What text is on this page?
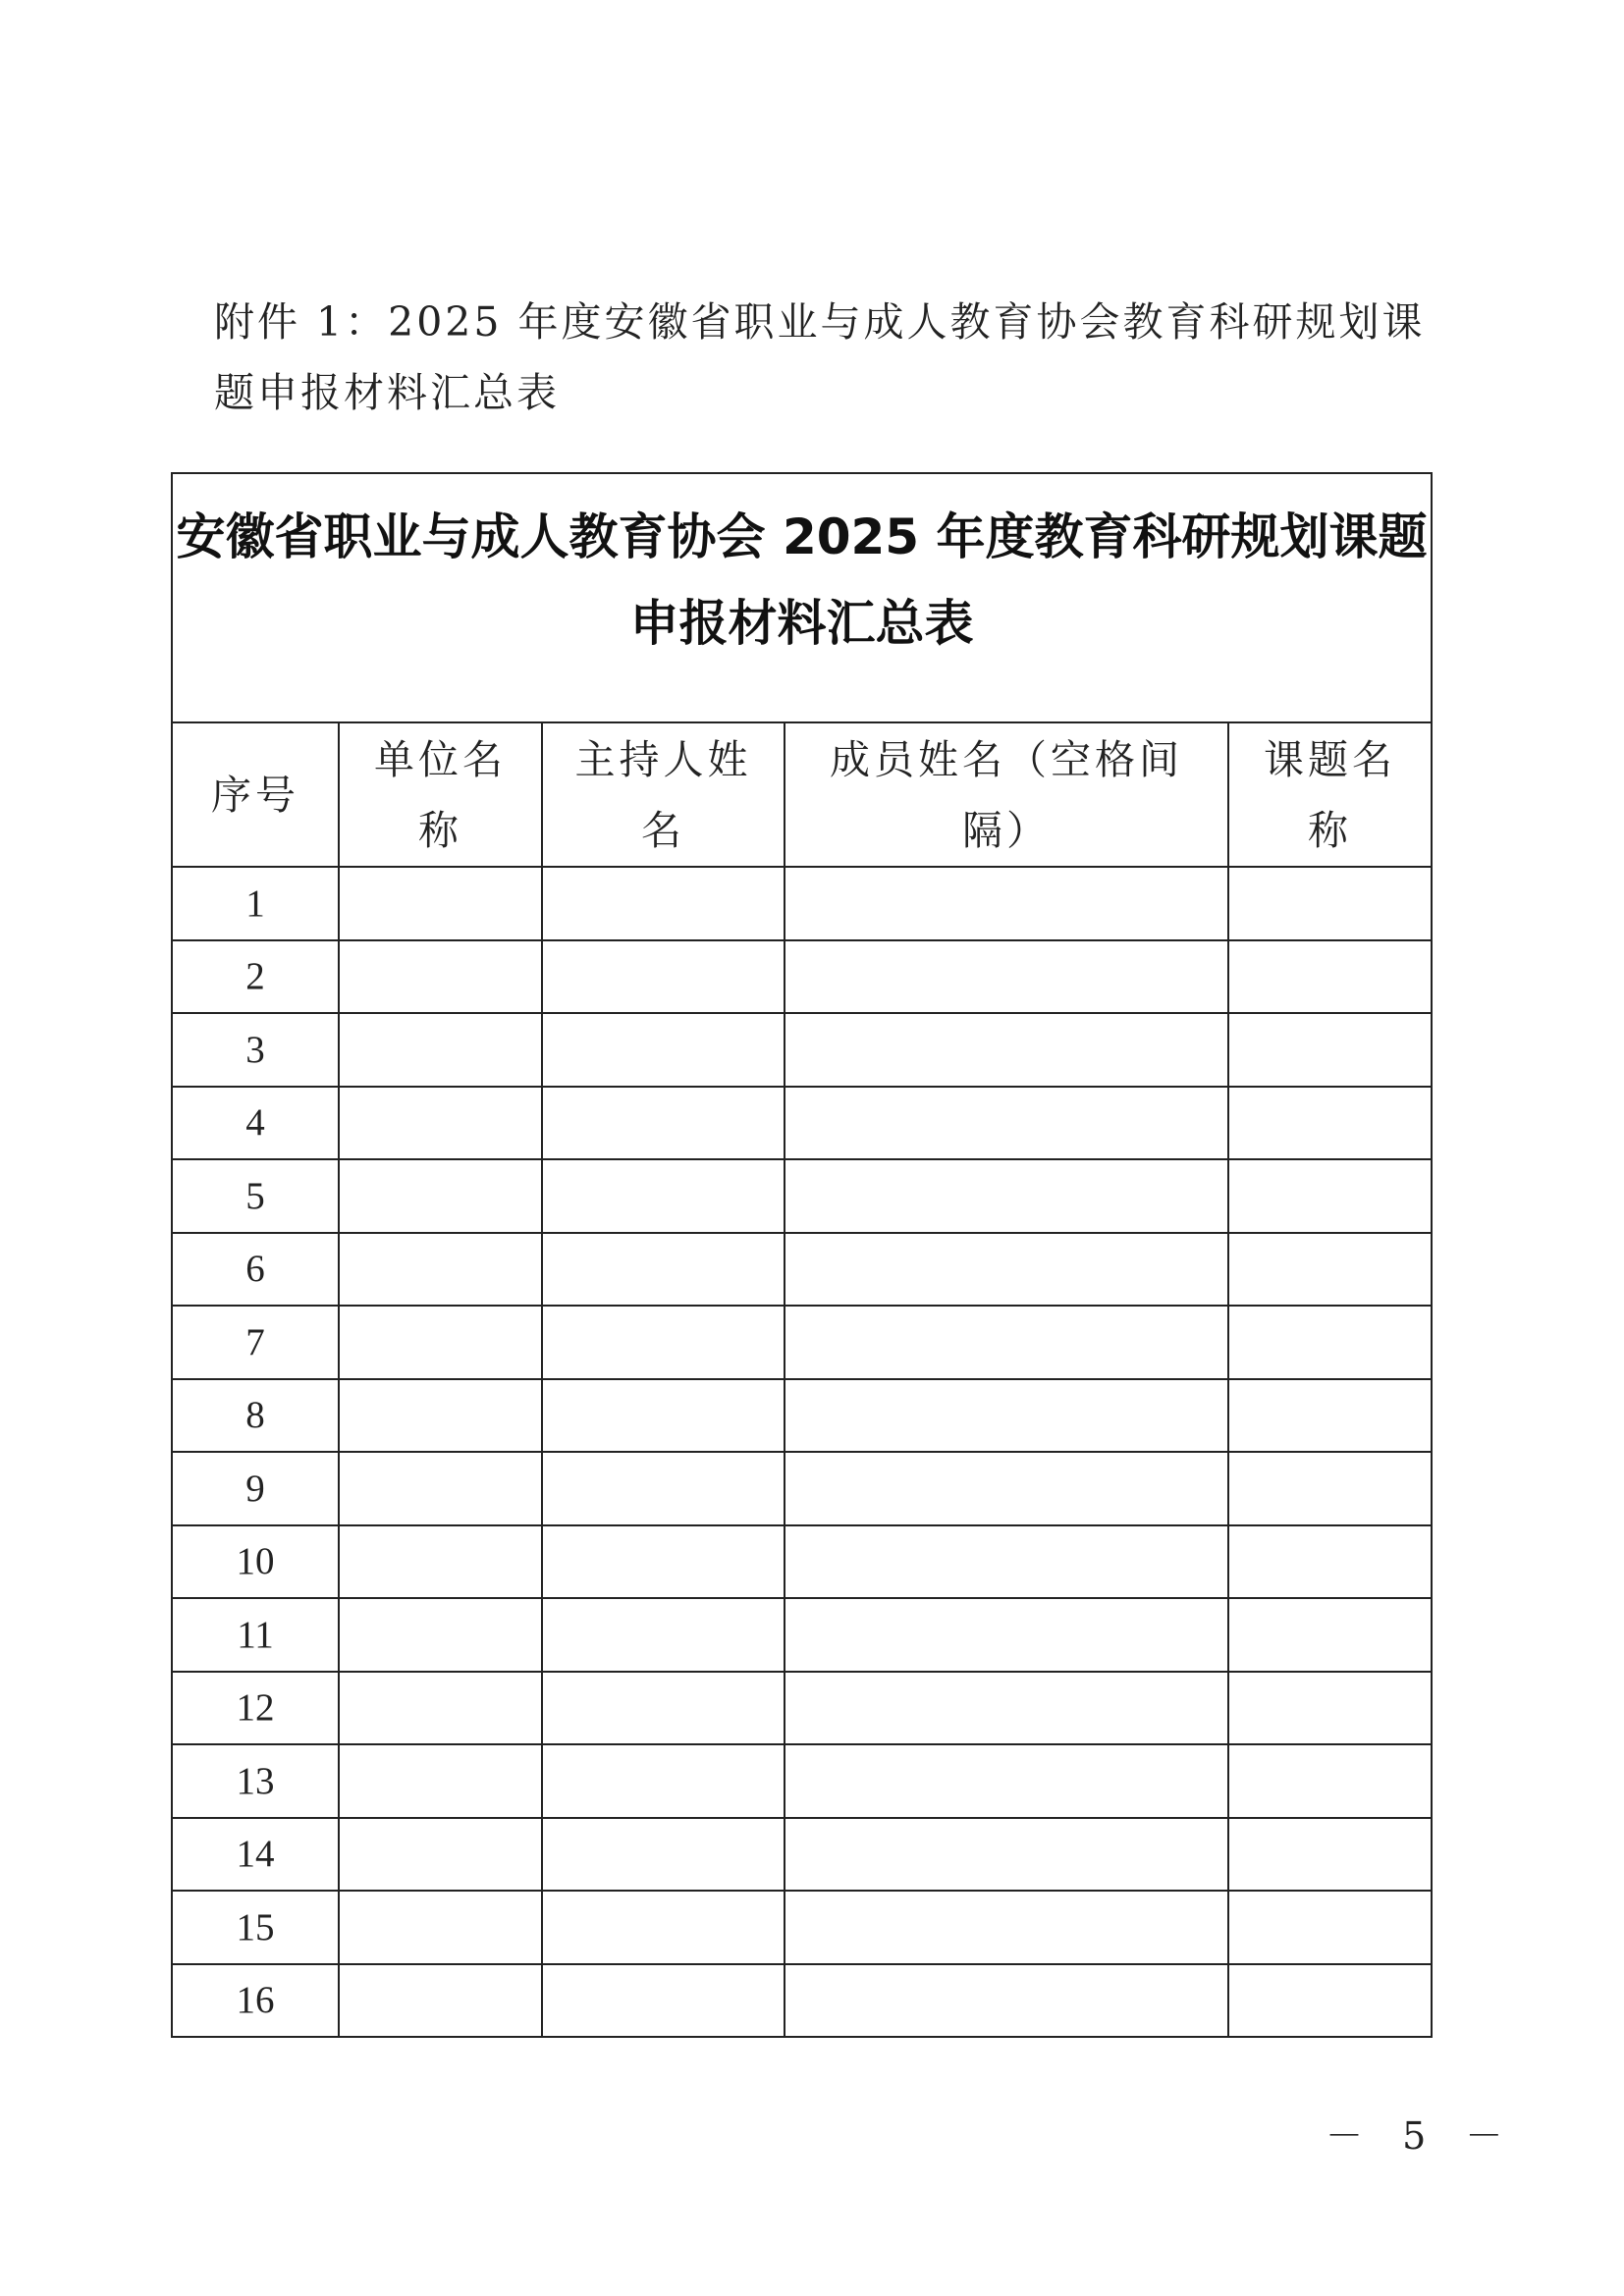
附件 1：2025 年度安徽省职业与成人教育协会教育科研规划课题申报材料汇总表
安徽省职业与成人教育协会 2025 年度教育科研规划课题申报材料汇总表				

序号	单位名称	主持人姓名	成员姓名（空格间隔）	课题名称
1				
2				
3				
4				
5				
6				
7				
8				
9				
10				
11				
12				
13				
14				
15				
16				
－ 5 －
